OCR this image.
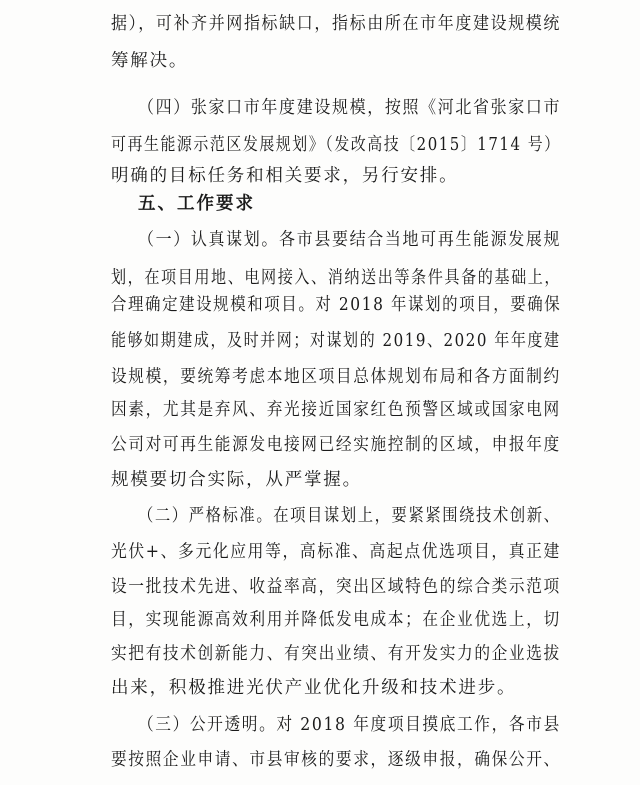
据），可补齐并网指标缺口，指标由所在市年度建设规模统
筹解决。
（四）张家口市年度建设规模，按照《河北省张家口市
可再生能源示范区发展规划》（发改高技〔2015〕1714 号）
明确的目标任务和相关要求，另行安排。
五、工作要求
（一）认真谋划。各市县要结合当地可再生能源发展规
划，在项目用地、电网接入、消纳送出等条件具备的基础上，
合理确定建设规模和项目。对 2018 年谋划的项目，要确保
能够如期建成，及时并网；对谋划的 2019、2020 年年度建
设规模，要统筹考虑本地区项目总体规划布局和各方面制约
因素，尤其是弃风、弃光接近国家红色预警区域或国家电网
公司对可再生能源发电接网已经实施控制的区域，申报年度
规模要切合实际，从严掌握。
（二）严格标准。在项目谋划上，要紧紧围绕技术创新、
光伏+、多元化应用等，高标准、高起点优选项目，真正建
设一批技术先进、收益率高，突出区域特色的综合类示范项
目，实现能源高效利用并降低发电成本；在企业优选上，切
实把有技术创新能力、有突出业绩、有开发实力的企业选拔
出来，积极推进光伏产业优化升级和技术进步。
（三）公开透明。对 2018 年度项目摸底工作，各市县
要按照企业申请、市县审核的要求，逐级申报，确保公开、
